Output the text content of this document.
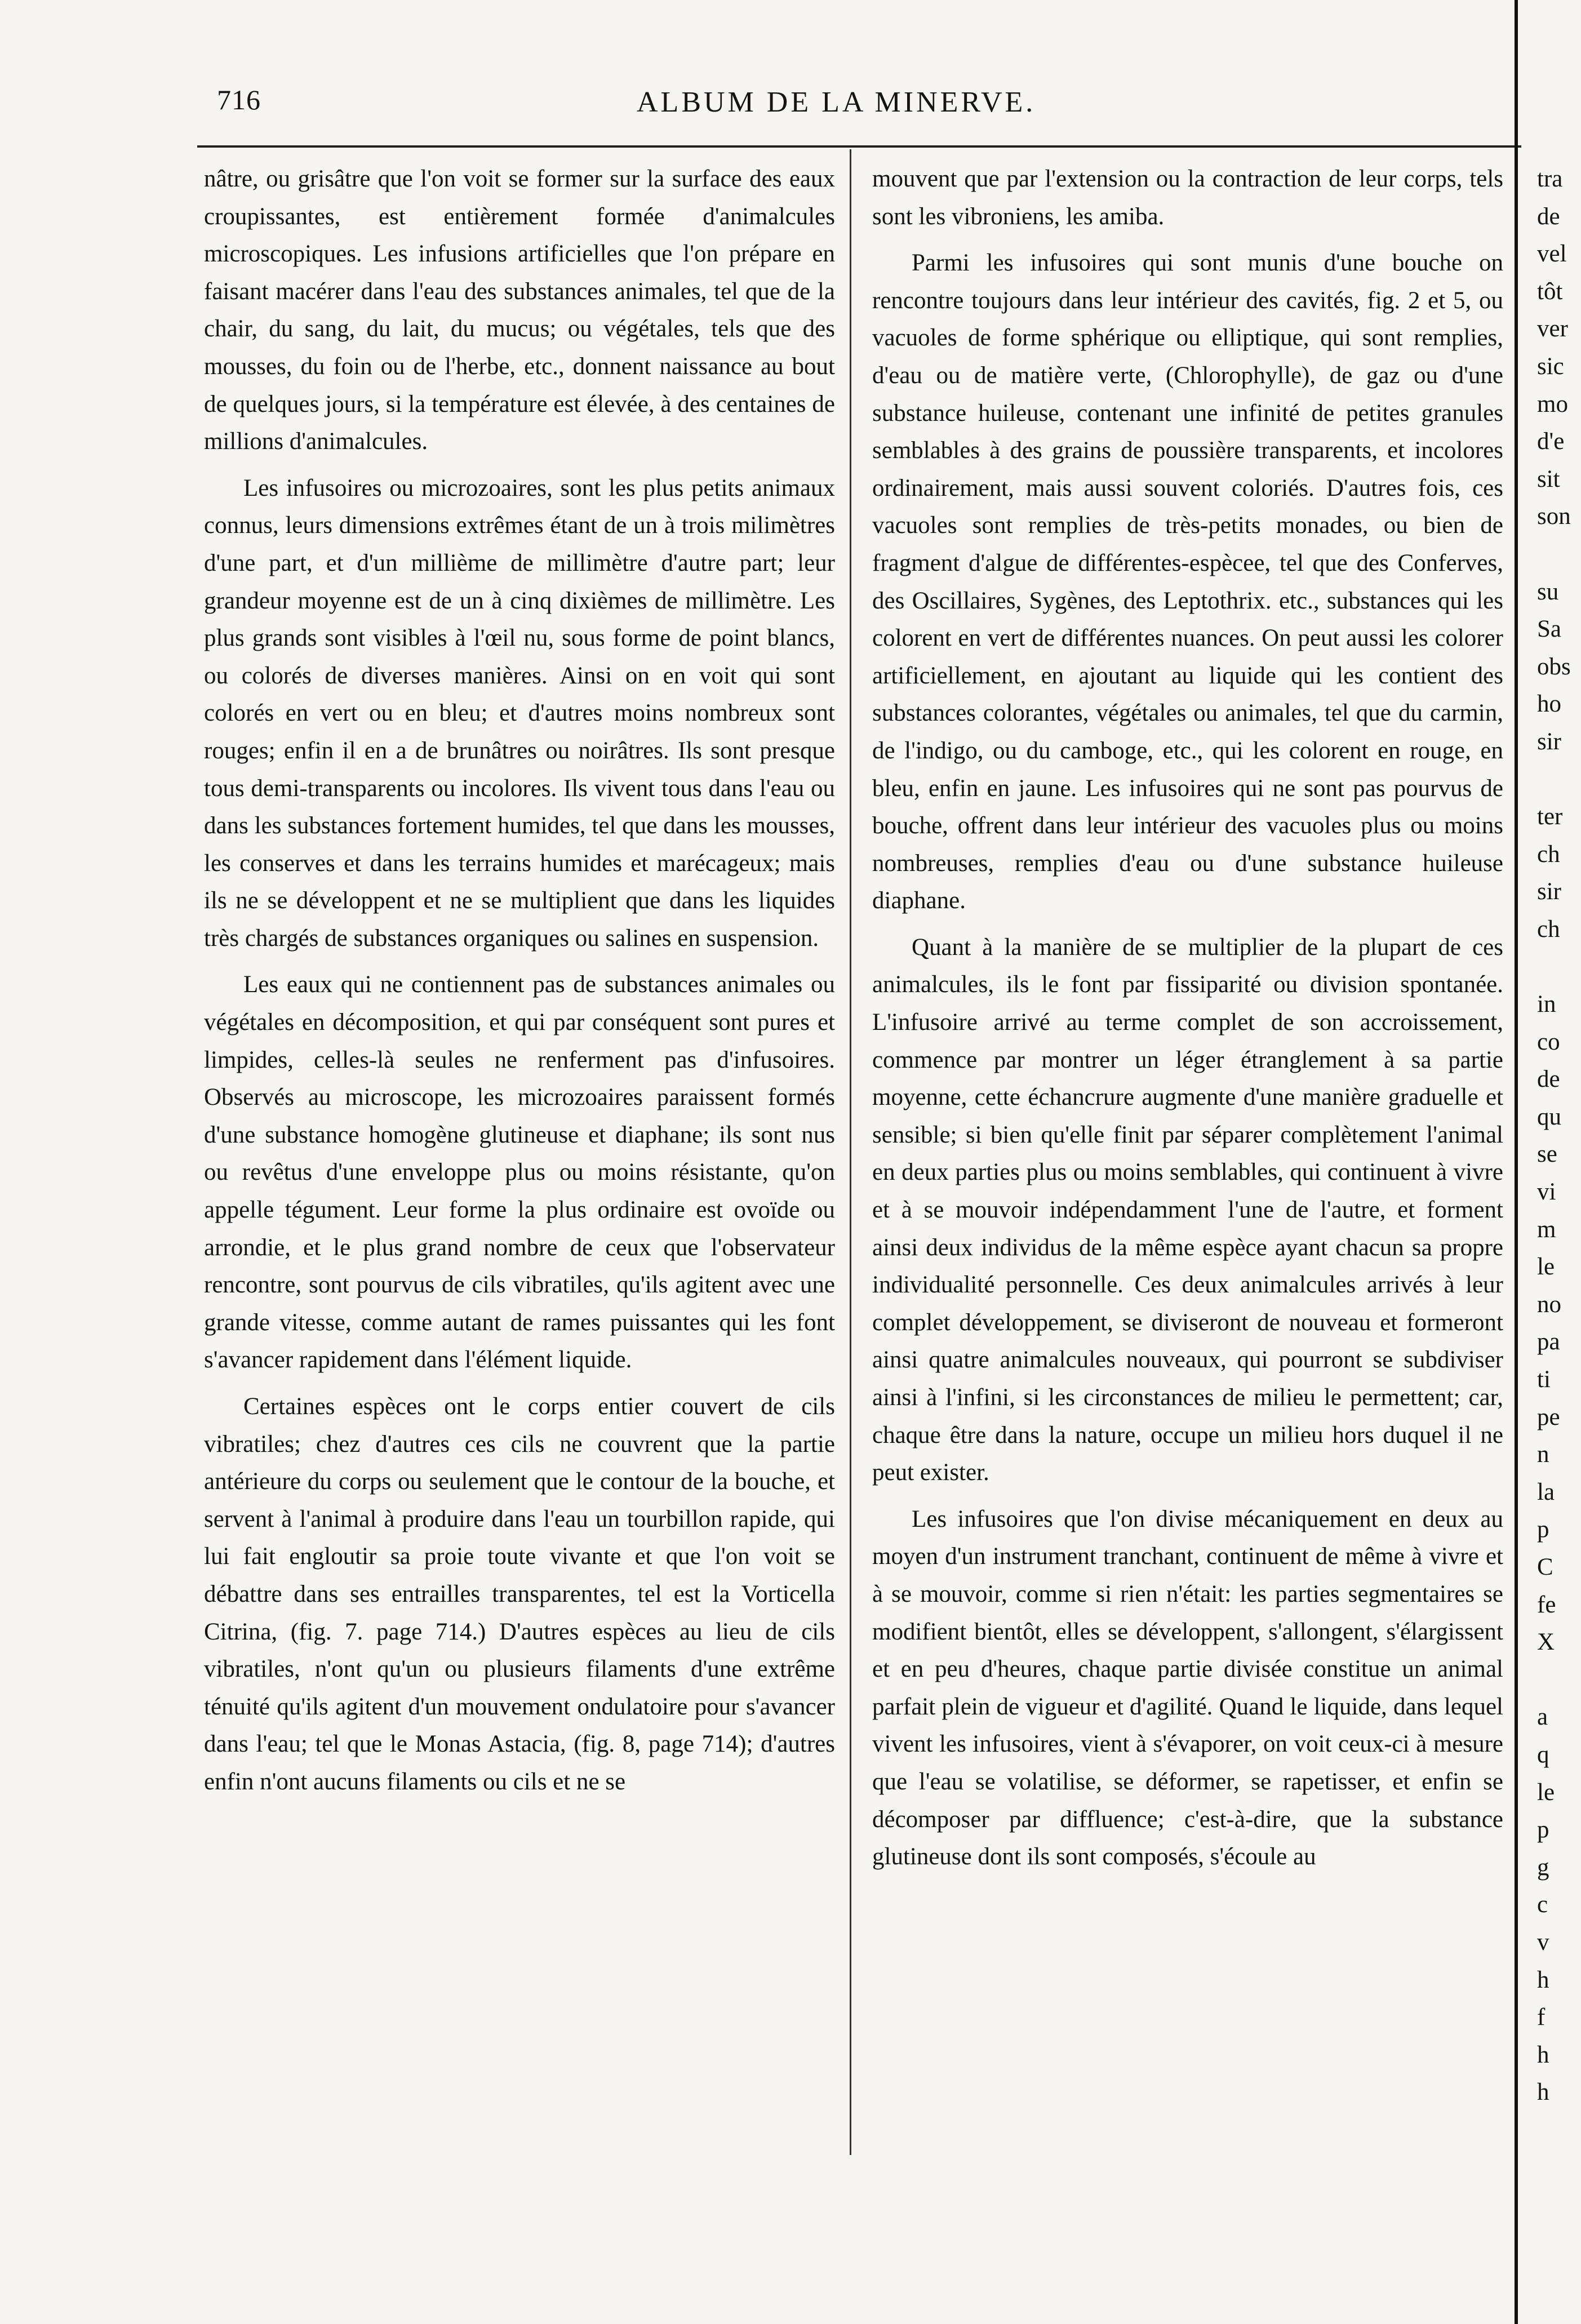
716	ALBUM DE LA MINERVE.

nâtre, ou grisâtre que l'on voit se former sur la surface des eaux croupissantes, est entièrement formée d'animalcules microscopiques. Les infusions artificielles que l'on prépare en faisant macérer dans l'eau des substances animales, tel que de la chair, du sang, du lait, du mucus; ou végétales, tels que des mousses, du foin ou de l'herbe, etc., donnent naissance au bout de quelques jours, si la température est élevée, à des centaines de millions d'animalcules.

Les infusoires ou microzoaires, sont les plus petits animaux connus, leurs dimensions extrêmes étant de un à trois milimètres d'une part, et d'un millième de millimètre d'autre part; leur grandeur moyenne est de un à cinq dixièmes de millimètre. Les plus grands sont visibles à l'œil nu, sous forme de point blancs, ou colorés de diverses manières. Ainsi on en voit qui sont colorés en vert ou en bleu; et d'autres moins nombreux sont rouges; enfin il en a de brunâtres ou noirâtres. Ils sont presque tous demi-transparents ou incolores. Ils vivent tous dans l'eau ou dans les substances fortement humides, tel que dans les mousses, les conserves et dans les terrains humides et marécageux; mais ils ne se développent et ne se multiplient que dans les liquides très chargés de substances organiques ou salines en suspension.

Les eaux qui ne contiennent pas de substances animales ou végétales en décomposition, et qui par conséquent sont pures et limpides, celles-là seules ne renferment pas d'infusoires. Observés au microscope, les microzoaires paraissent formés d'une substance homogène glutineuse et diaphane; ils sont nus ou revêtus d'une enveloppe plus ou moins résistante, qu'on appelle tégument. Leur forme la plus ordinaire est ovoïde ou arrondie, et le plus grand nombre de ceux que l'observateur rencontre, sont pourvus de cils vibratiles, qu'ils agitent avec une grande vitesse, comme autant de rames puissantes qui les font s'avancer rapidement dans l'élément liquide.

Certaines espèces ont le corps entier couvert de cils vibratiles; chez d'autres ces cils ne couvrent que la partie antérieure du corps ou seulement que le contour de la bouche, et servent à l'animal à produire dans l'eau un tourbillon rapide, qui lui fait engloutir sa proie toute vivante et que l'on voit se débattre dans ses entrailles transparentes, tel est la Vorticella Citrina, (fig. 7. page 714.) D'autres espèces au lieu de cils vibratiles, n'ont qu'un ou plusieurs filaments d'une extrême ténuité qu'ils agitent d'un mouvement ondulatoire pour s'avancer dans l'eau; tel que le Monas Astacia, (fig. 8, page 714); d'autres enfin n'ont aucuns filaments ou cils et ne se

mouvent que par l'extension ou la contraction de leur corps, tels sont les vibroniens, les amiba.

Parmi les infusoires qui sont munis d'une bouche on rencontre toujours dans leur intérieur des cavités, fig. 2 et 5, ou vacuoles de forme sphérique ou elliptique, qui sont remplies, d'eau ou de matière verte, (Chlorophylle), de gaz ou d'une substance huileuse, contenant une infinité de petites granules semblables à des grains de poussière transparents, et incolores ordinairement, mais aussi souvent coloriés. D'autres fois, ces vacuoles sont remplies de très-petits monades, ou bien de fragment d'algue de différentes-espècee, tel que des Conferves, des Oscillaires, Sygènes, des Leptothrix. etc., substances qui les colorent en vert de différentes nuances. On peut aussi les colorer artificiellement, en ajoutant au liquide qui les contient des substances colorantes, végétales ou animales, tel que du carmin, de l'indigo, ou du camboge, etc., qui les colorent en rouge, en bleu, enfin en jaune. Les infusoires qui ne sont pas pourvus de bouche, offrent dans leur intérieur des vacuoles plus ou moins nombreuses, remplies d'eau ou d'une substance huileuse diaphane.

Quant à la manière de se multiplier de la plupart de ces animalcules, ils le font par fissiparité ou division spontanée. L'infusoire arrivé au terme complet de son accroissement, commence par montrer un léger étranglement à sa partie moyenne, cette échancrure augmente d'une manière graduelle et sensible; si bien qu'elle finit par séparer complètement l'animal en deux parties plus ou moins semblables, qui continuent à vivre et à se mouvoir indépendamment l'une de l'autre, et forment ainsi deux individus de la même espèce ayant chacun sa propre individualité personnelle. Ces deux animalcules arrivés à leur complet développement, se diviseront de nouveau et formeront ainsi quatre animalcules nouveaux, qui pourront se subdiviser ainsi à l'infini, si les circonstances de milieu le permettent; car, chaque être dans la nature, occupe un milieu hors duquel il ne peut exister.

Les infusoires que l'on divise mécaniquement en deux au moyen d'un instrument tranchant, continuent de même à vivre et à se mouvoir, comme si rien n'était: les parties segmentaires se modifient bientôt, elles se développent, s'allongent, s'élargissent et en peu d'heures, chaque partie divisée constitue un animal parfait plein de vigueur et d'agilité. Quand le liquide, dans lequel vivent les infusoires, vient à s'évaporer, on voit ceux-ci à mesure que l'eau se volatilise, se déformer, se rapetisser, et enfin se décomposer par diffluence; c'est-à-dire, que la substance glutineuse dont ils sont composés, s'écoule au

tra
de
vel
tôt
ver
sic
mo
d'e
sit
son
su
Sa
obs
ho
sir
ter
ch
sir
ch
in
co
de
qu
se
vi
m
le
no
pa
ti
pe
n
la
p
C
fe
X
a
q
le
p
g
c
v
h
f
h
h
